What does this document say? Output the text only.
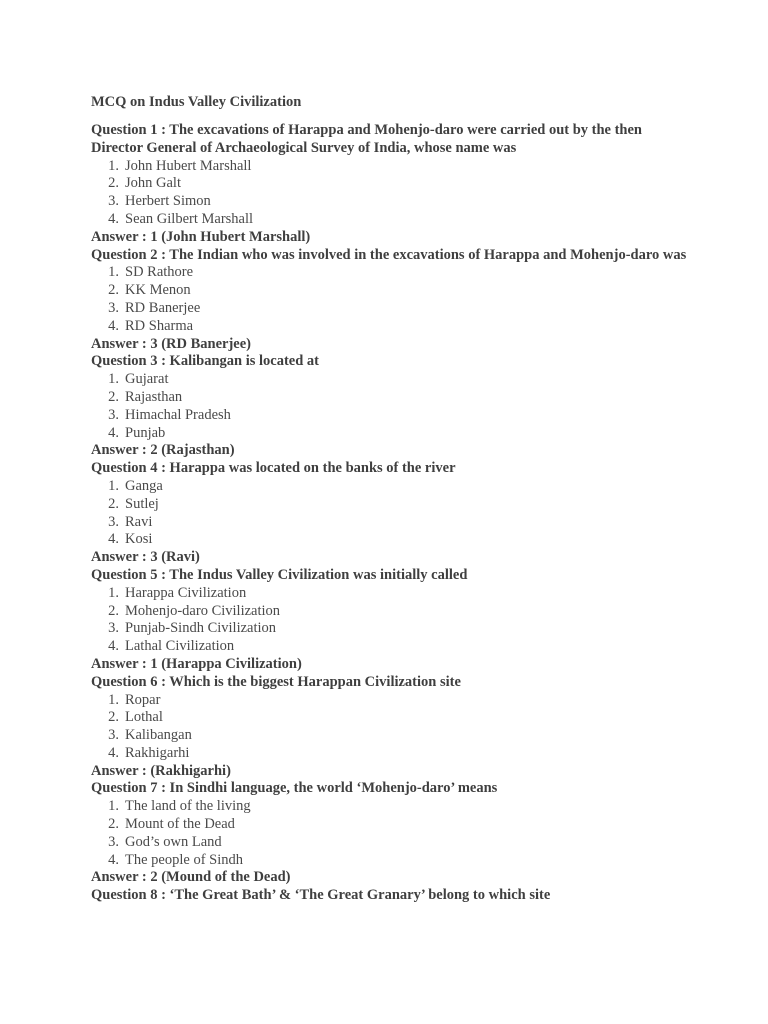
MCQ on Indus Valley Civilization
Question 1 : The excavations of Harappa and Mohenjo-daro were carried out by the then Director General of Archaeological Survey of India, whose name was
1. John Hubert Marshall
2. John Galt
3. Herbert Simon
4. Sean Gilbert Marshall
Answer : 1 (John Hubert Marshall)
Question 2 : The Indian who was involved in the excavations of Harappa and Mohenjo-daro was
1. SD Rathore
2. KK Menon
3. RD Banerjee
4. RD Sharma
Answer : 3 (RD Banerjee)
Question 3 : Kalibangan is located at
1. Gujarat
2. Rajasthan
3. Himachal Pradesh
4. Punjab
Answer : 2 (Rajasthan)
Question 4 : Harappa was located on the banks of the river
1. Ganga
2. Sutlej
3. Ravi
4. Kosi
Answer : 3 (Ravi)
Question 5 : The Indus Valley Civilization was initially called
1. Harappa Civilization
2. Mohenjo-daro Civilization
3. Punjab-Sindh Civilization
4. Lathal Civilization
Answer : 1 (Harappa Civilization)
Question 6 : Which is the biggest Harappan Civilization site
1. Ropar
2. Lothal
3. Kalibangan
4. Rakhigarhi
Answer : (Rakhigarhi)
Question 7 : In Sindhi language, the world ‘Mohenjo-daro’ means
1. The land of the living
2. Mount of the Dead
3. God’s own Land
4. The people of Sindh
Answer : 2 (Mound of the Dead)
Question 8 : ‘The Great Bath’ & ‘The Great Granary’ belong to which site
